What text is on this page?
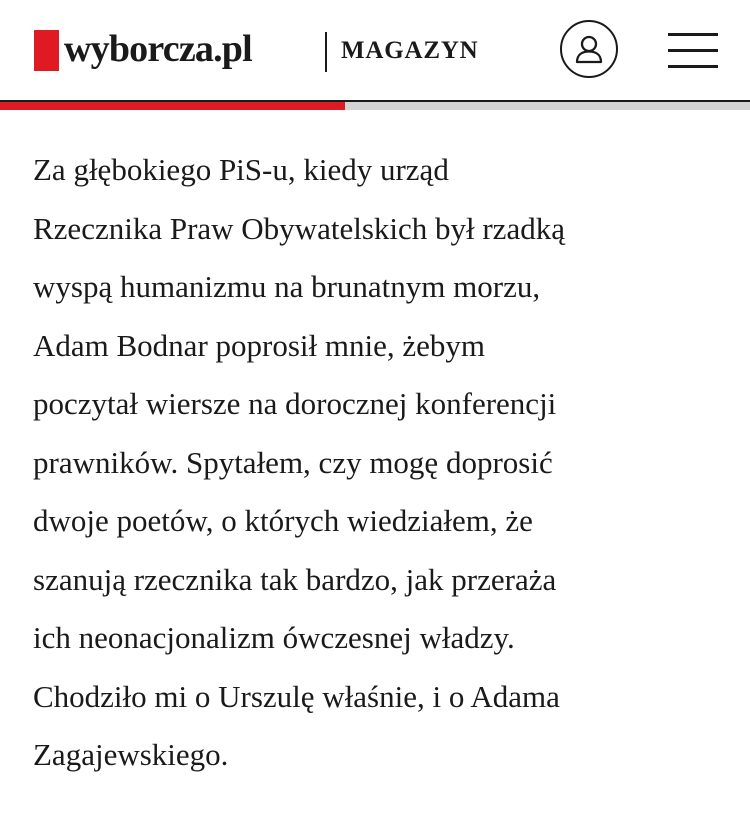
wyborcza.pl	MAGAZYN
Za głębokiego PiS-u, kiedy urząd
Rzecznika Praw Obywatelskich był rzadką
wyspą humanizmu na brunatnym morzu,
Adam Bodnar poprosił mnie, żebym
poczytał wiersze na dorocznej konferencji
prawników. Spytałem, czy mogę doprosić
dwoje poetów, o których wiedziałem, że
szanują rzecznika tak bardzo, jak przeraża
ich neonacjonalizm ówczesnej władzy.
Chodziło mi o Urszulę właśnie, i o Adama
Zagajewskiego.
